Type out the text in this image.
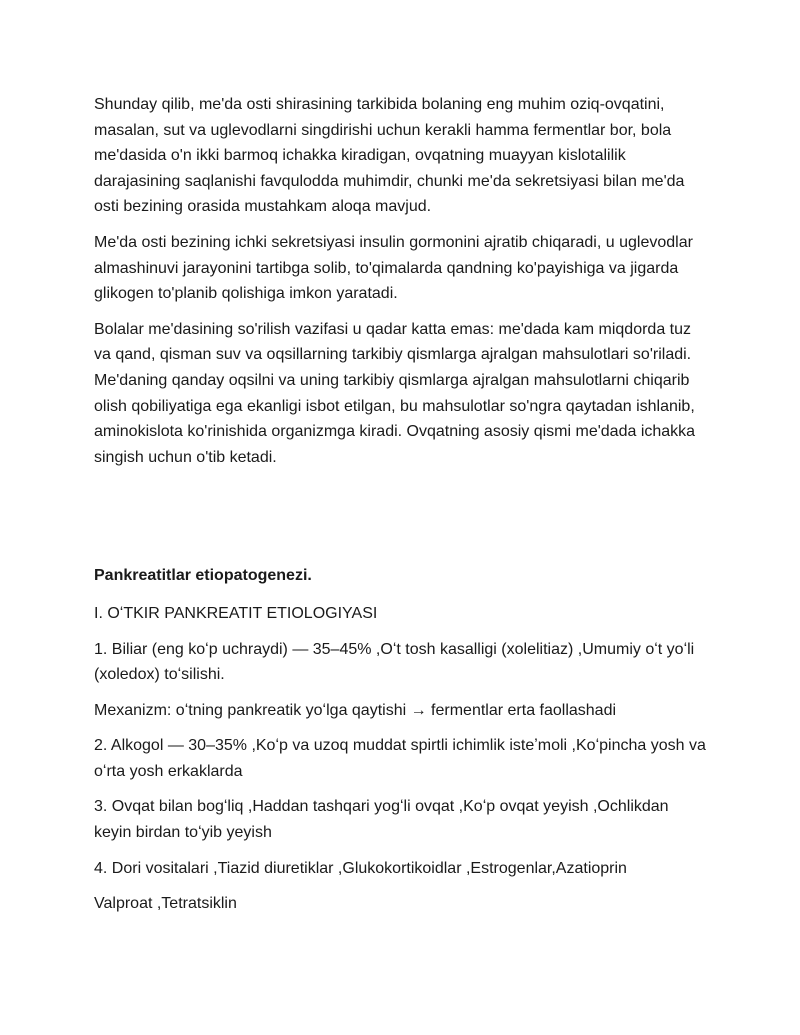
Shunday qilib, me'da osti shirasining tarkibida bolaning eng muhim oziq-ovqatini, masalan, sut va uglevodlarni singdirishi uchun kerakli hamma fermentlar bor, bola me'dasida o'n ikki barmoq ichakka kiradigan, ovqatning muayyan kislotalilik darajasining saqlanishi favqulodda muhimdir, chunki me'da sekretsiyasi bilan me'da osti bezining orasida mustahkam aloqa mavjud.

Me'da osti bezining ichki sekretsiyasi insulin gormonini ajratib chiqaradi, u uglevodlar almashinuvi jarayonini tartibga solib, to'qimalarda qandning ko'payishiga va jigarda glikogen to'planib qolishiga imkon yaratadi.

Bolalar me'dasining so'rilish vazifasi u qadar katta emas: me'dada kam miqdorda tuz va qand, qisman suv va oqsillarning tarkibiy qismlarga ajralgan mahsulotlari so'riladi. Me'daning qanday oqsilni va uning tarkibiy qismlarga ajralgan mahsulotlarni chiqarib olish qobiliyatiga ega ekanligi isbot etilgan, bu mahsulotlar so'ngra qaytadan ishlanib, aminokislota ko'rinishida organizmga kiradi. Ovqatning asosiy qismi me'dada ichakka singish uchun o'tib ketadi.

Pankreatitlar etiopatogenezi.

I. OʻTKIR PANKREATIT ETIOLOGIYASI

1. Biliar (eng koʻp uchraydi) — 35–45% ,Oʻt tosh kasalligi (xolelitiaz) ,Umumiy oʻt yoʻli (xoledox) toʻsilishi.

Mexanizm: oʻtning pankreatik yoʻlga qaytishi → fermentlar erta faollashadi

2. Alkogol — 30–35% ,Koʻp va uzoq muddat spirtli ichimlik isteʼmoli ,Koʻpincha yosh va oʻrta yosh erkaklarda

3. Ovqat bilan bogʻliq ,Haddan tashqari yogʻli ovqat ,Koʻp ovqat yeyish ,Ochlikdan keyin birdan toʻyib yeyish

4. Dori vositalari ,Tiazid diuretiklar ,Glukokortikoidlar ,Estrogenlar,Azatioprin

Valproat ,Tetratsiklin
